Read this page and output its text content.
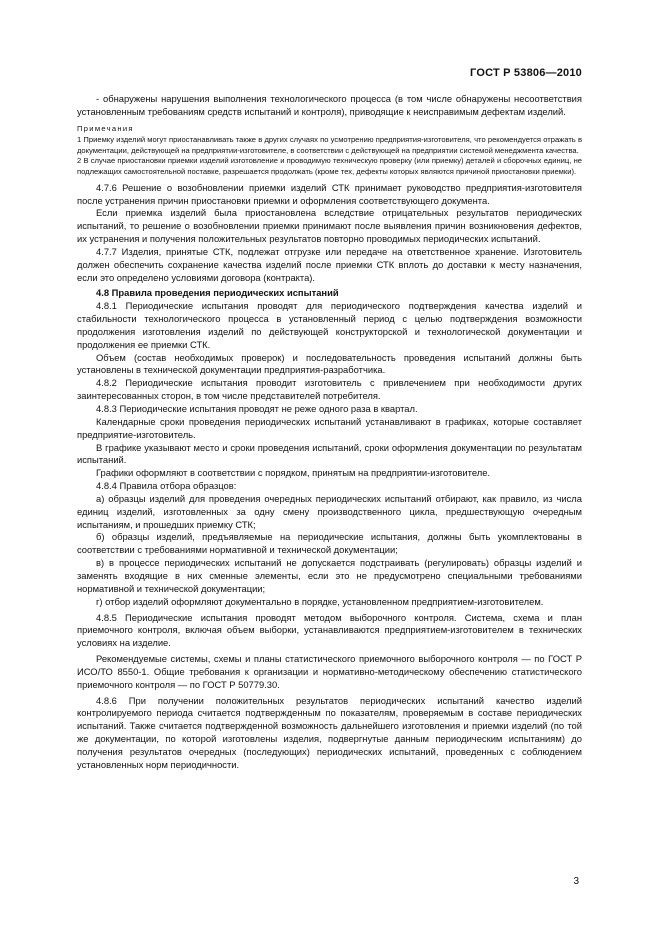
ГОСТ Р 53806—2010

- обнаружены нарушения выполнения технологического процесса (в том числе обнаружены несоответствия установленным требованиям средств испытаний и контроля), приводящие к неисправимым дефектам изделий.

Примечания

1 Приемку изделий могут приостанавливать также в других случаях по усмотрению предприятия-изготовителя, что рекомендуется отражать в документации, действующей на предприятии-изготовителе, в соответствии с действующей на предприятии системой менеджмента качества.

2 В случае приостановки приемки изделий изготовление и проводимую техническую проверку (или приемку) деталей и сборочных единиц, не подлежащих самостоятельной поставке, разрешается продолжать (кроме тех, дефекты которых являются причиной приостановки приемки).

4.7.6 Решение о возобновлении приемки изделий СТК принимает руководство предприятия-изготовителя после устранения причин приостановки приемки и оформления соответствующего документа.

Если приемка изделий была приостановлена вследствие отрицательных результатов периодических испытаний, то решение о возобновлении приемки принимают после выявления причин возникновения дефектов, их устранения и получения положительных результатов повторно проводимых периодических испытаний.

4.7.7 Изделия, принятые СТК, подлежат отгрузке или передаче на ответственное хранение. Изготовитель должен обеспечить сохранение качества изделий после приемки СТК вплоть до доставки к месту назначения, если это определено условиями договора (контракта).

4.8 Правила проведения периодических испытаний

4.8.1 Периодические испытания проводят для периодического подтверждения качества изделий и стабильности технологического процесса в установленный период с целью подтверждения возможности продолжения изготовления изделий по действующей конструкторской и технологической документации и продолжения ее приемки СТК.

Объем (состав необходимых проверок) и последовательность проведения испытаний должны быть установлены в технической документации предприятия-разработчика.

4.8.2 Периодические испытания проводит изготовитель с привлечением при необходимости других заинтересованных сторон, в том числе представителей потребителя.

4.8.3 Периодические испытания проводят не реже одного раза в квартал.

Календарные сроки проведения периодических испытаний устанавливают в графиках, которые составляет предприятие-изготовитель.

В графике указывают место и сроки проведения испытаний, сроки оформления документации по результатам испытаний.

Графики оформляют в соответствии с порядком, принятым на предприятии-изготовителе.

4.8.4 Правила отбора образцов:

а) образцы изделий для проведения очередных периодических испытаний отбирают, как правило, из числа единиц изделий, изготовленных за одну смену производственного цикла, предшествующую очередным испытаниям, и прошедших приемку СТК;

б) образцы изделий, предъявляемые на периодические испытания, должны быть укомплектованы в соответствии с требованиями нормативной и технической документации;

в) в процессе периодических испытаний не допускается подстраивать (регулировать) образцы изделий и заменять входящие в них сменные элементы, если это не предусмотрено специальными требованиями нормативной и технической документации;

г) отбор изделий оформляют документально в порядке, установленном предприятием-изготовителем.

4.8.5 Периодические испытания проводят методом выборочного контроля. Система, схема и план приемочного контроля, включая объем выборки, устанавливаются предприятием-изготовителем в технических условиях на изделие.

Рекомендуемые системы, схемы и планы статистического приемочного выборочного контроля — по ГОСТ Р ИСО/ТО 8550-1. Общие требования к организации и нормативно-методическому обеспечению статистического приемочного контроля — по ГОСТ Р 50779.30.

4.8.6 При получении положительных результатов периодических испытаний качество изделий контролируемого периода считается подтвержденным по показателям, проверяемым в составе периодических испытаний. Также считается подтвержденной возможность дальнейшего изготовления и приемки изделий (по той же документации, по которой изготовлены изделия, подвергнутые данным периодическим испытаниям) до получения результатов очередных (последующих) периодических испытаний, проведенных с соблюдением установленных норм периодичности.

3
